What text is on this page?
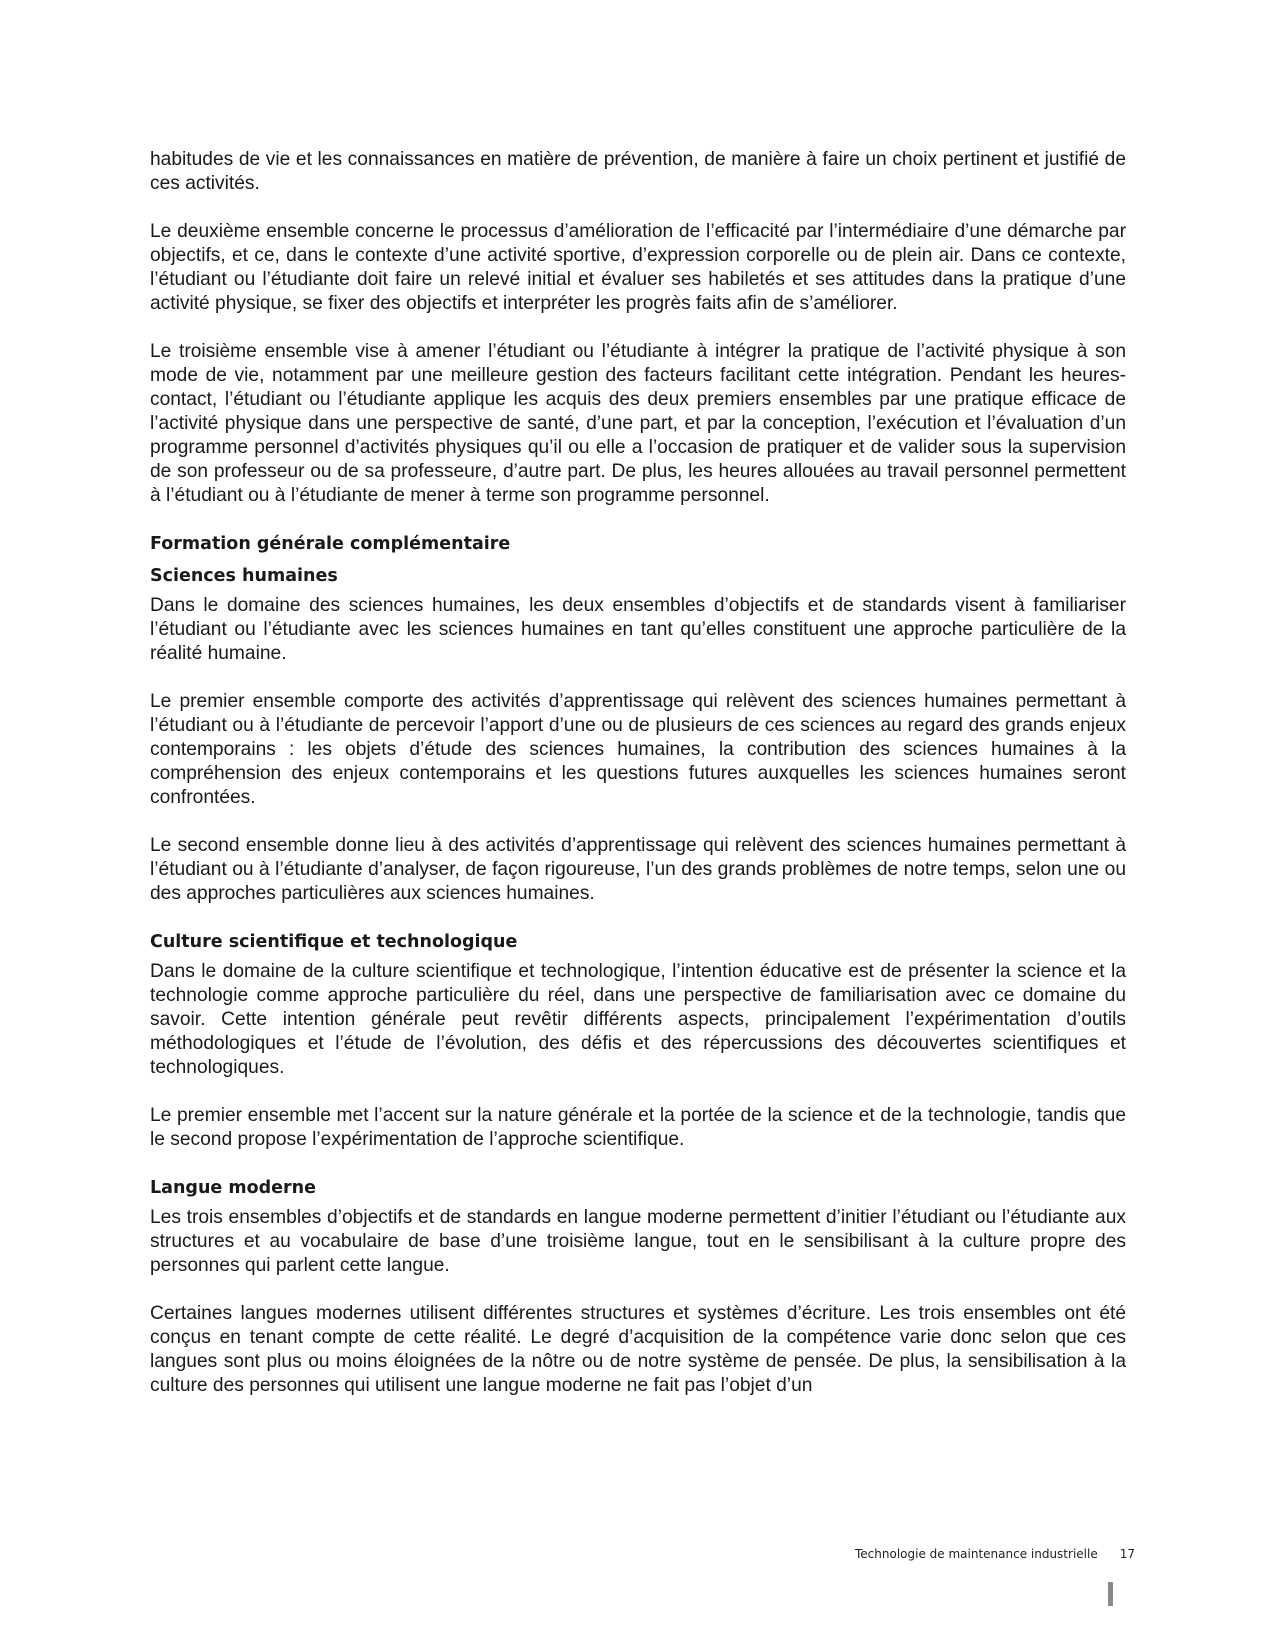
habitudes de vie et les connaissances en matière de prévention, de manière à faire un choix pertinent et justifié de ces activités.

Le deuxième ensemble concerne le processus d’amélioration de l’efficacité par l’intermédiaire d’une démarche par objectifs, et ce, dans le contexte d’une activité sportive, d’expression corporelle ou de plein air. Dans ce contexte, l’étudiant ou l’étudiante doit faire un relevé initial et évaluer ses habiletés et ses attitudes dans la pratique d’une activité physique, se fixer des objectifs et interpréter les progrès faits afin de s’améliorer.

Le troisième ensemble vise à amener l’étudiant ou l’étudiante à intégrer la pratique de l’activité physique à son mode de vie, notamment par une meilleure gestion des facteurs facilitant cette intégration. Pendant les heures-contact, l’étudiant ou l’étudiante applique les acquis des deux premiers ensembles par une pratique efficace de l’activité physique dans une perspective de santé, d’une part, et par la conception, l’exécution et l’évaluation d’un programme personnel d’activités physiques qu’il ou elle a l’occasion de pratiquer et de valider sous la supervision de son professeur ou de sa professeure, d’autre part. De plus, les heures allouées au travail personnel permettent à l’étudiant ou à l’étudiante de mener à terme son programme personnel.

Formation générale complémentaire
Sciences humaines

Dans le domaine des sciences humaines, les deux ensembles d’objectifs et de standards visent à familiariser l’étudiant ou l’étudiante avec les sciences humaines en tant qu’elles constituent une approche particulière de la réalité humaine.

Le premier ensemble comporte des activités d’apprentissage qui relèvent des sciences humaines permettant à l’étudiant ou à l’étudiante de percevoir l’apport d’une ou de plusieurs de ces sciences au regard des grands enjeux contemporains : les objets d’étude des sciences humaines, la contribution des sciences humaines à la compréhension des enjeux contemporains et les questions futures auxquelles les sciences humaines seront confrontées.

Le second ensemble donne lieu à des activités d’apprentissage qui relèvent des sciences humaines permettant à l’étudiant ou à l’étudiante d’analyser, de façon rigoureuse, l’un des grands problèmes de notre temps, selon une ou des approches particulières aux sciences humaines.

Culture scientifique et technologique

Dans le domaine de la culture scientifique et technologique, l’intention éducative est de présenter la science et la technologie comme approche particulière du réel, dans une perspective de familiarisation avec ce domaine du savoir. Cette intention générale peut revêtir différents aspects, principalement l’expérimentation d’outils méthodologiques et l’étude de l’évolution, des défis et des répercussions des découvertes scientifiques et technologiques.

Le premier ensemble met l’accent sur la nature générale et la portée de la science et de la technologie, tandis que le second propose l’expérimentation de l’approche scientifique.

Langue moderne

Les trois ensembles d’objectifs et de standards en langue moderne permettent d’initier l’étudiant ou l’étudiante aux structures et au vocabulaire de base d’une troisième langue, tout en le sensibilisant à la culture propre des personnes qui parlent cette langue.

Certaines langues modernes utilisent différentes structures et systèmes d’écriture. Les trois ensembles ont été conçus en tenant compte de cette réalité. Le degré d’acquisition de la compétence varie donc selon que ces langues sont plus ou moins éloignées de la nôtre ou de notre système de pensée. De plus, la sensibilisation à la culture des personnes qui utilisent une langue moderne ne fait pas l’objet d’un

Technologie de maintenance industrielle 17
